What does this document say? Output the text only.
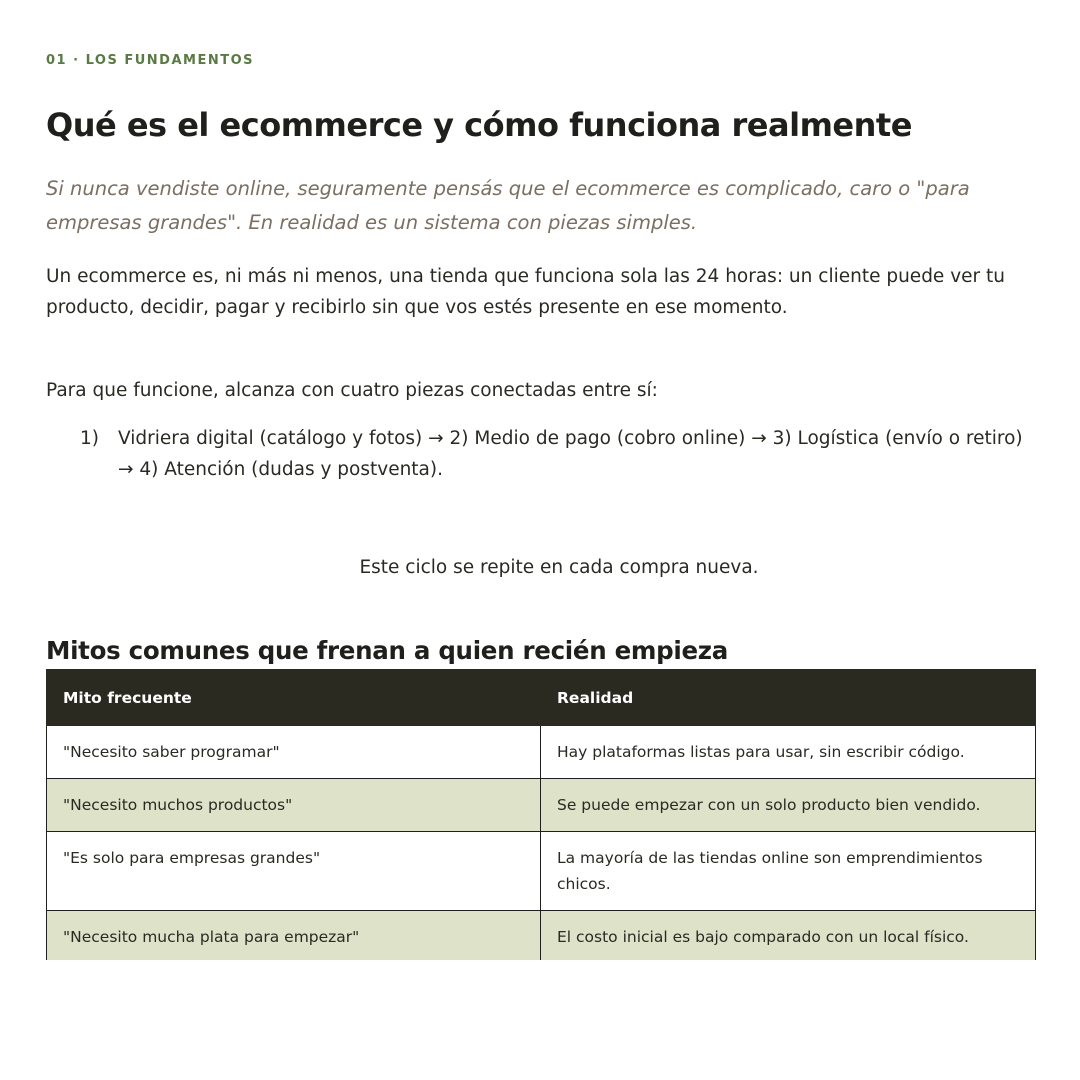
01 · LOS FUNDAMENTOS
Qué es el ecommerce y cómo funciona realmente

Si nunca vendiste online, seguramente pensás que el ecommerce es complicado, caro o "para empresas grandes". En realidad es un sistema con piezas simples.

Un ecommerce es, ni más ni menos, una tienda que funciona sola las 24 horas: un cliente puede ver tu producto, decidir, pagar y recibirlo sin que vos estés presente en ese momento.

Para que funcione, alcanza con cuatro piezas conectadas entre sí:

1)	Vidriera digital (catálogo y fotos) → 2) Medio de pago (cobro online) → 3) Logística (envío o retiro) → 4) Atención (dudas y postventa).
Este ciclo se repite en cada compra nueva.
Mitos comunes que frenan a quien recién empieza
Mito frecuente	Realidad
"Necesito saber programar"	Hay plataformas listas para usar, sin escribir código.
"Necesito muchos productos"	Se puede empezar con un solo producto bien vendido.
"Es solo para empresas grandes"	La mayoría de las tiendas online son emprendimientos chicos.
"Necesito mucha plata para empezar"	El costo inicial es bajo comparado con un local físico.
